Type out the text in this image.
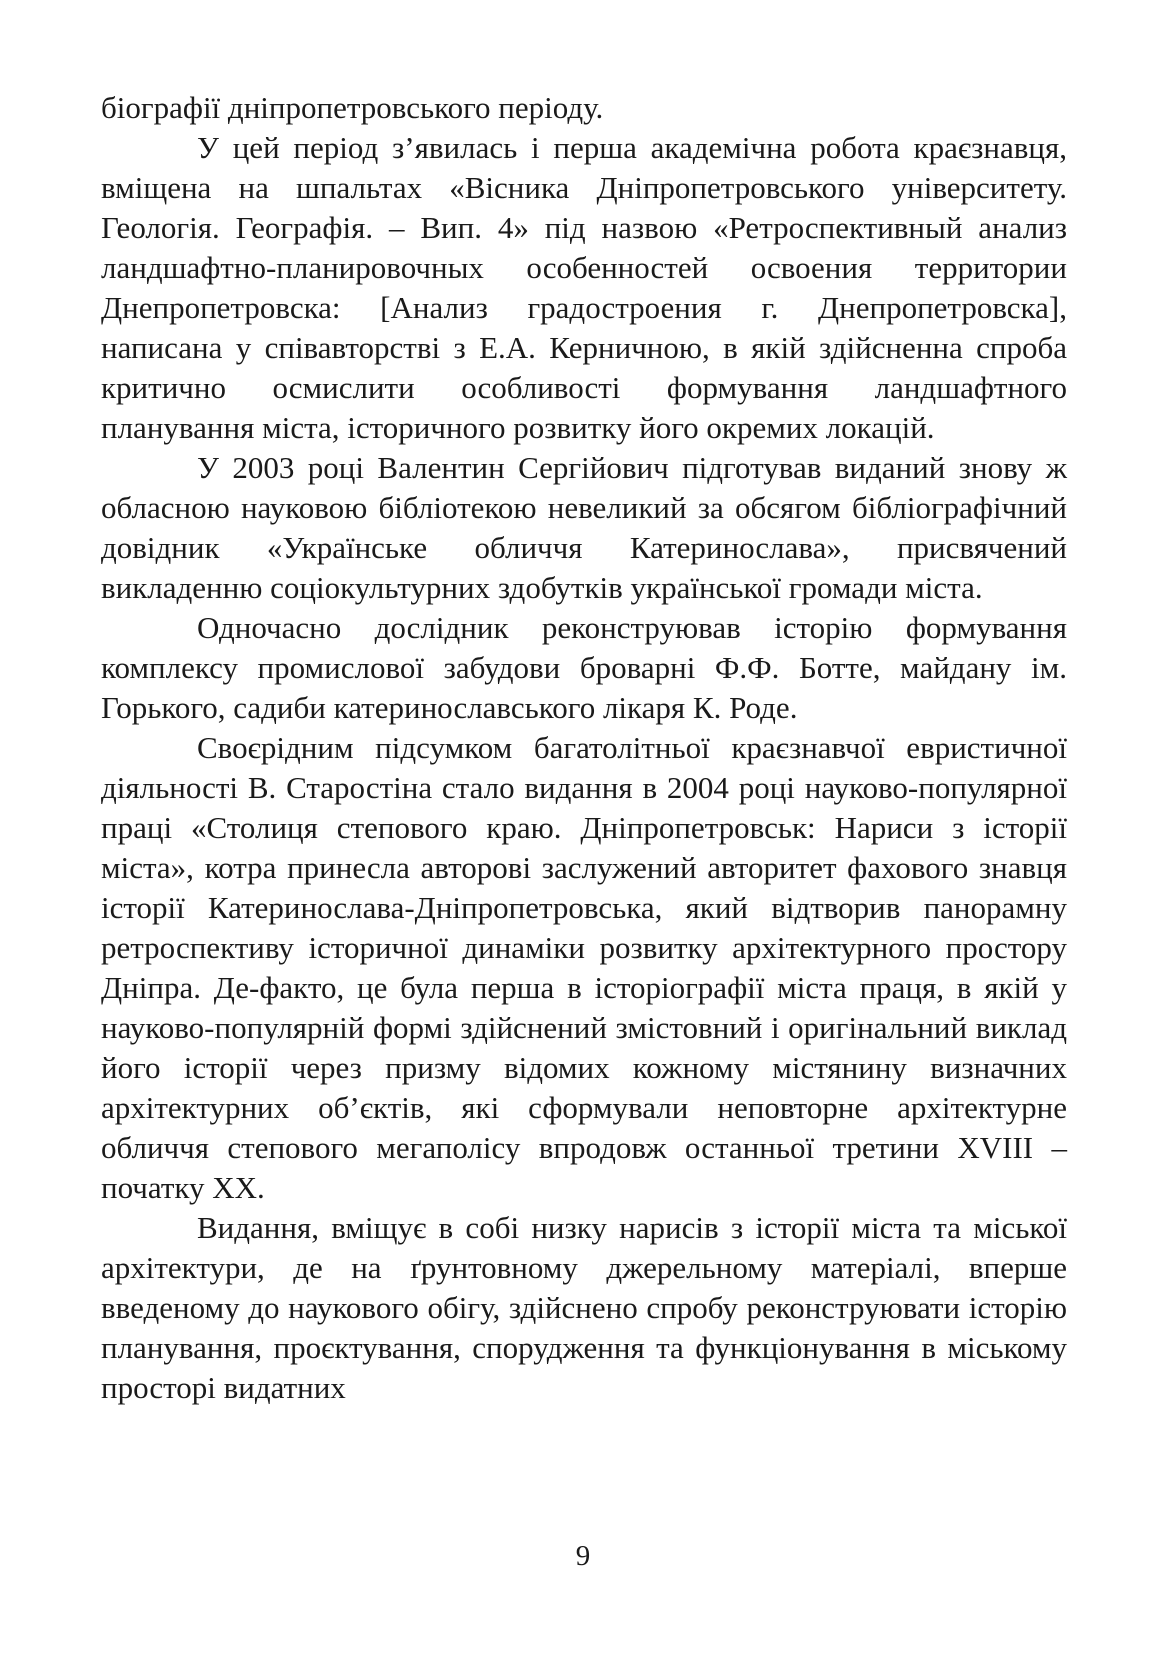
біографії дніпропетровського періоду.

У цей період з’явилась і перша академічна робота краєзнавця, вміщена на шпальтах «Вісника Дніпропетровського університету. Геологія. Географія. – Вип. 4» під назвою «Ретроспективный анализ ландшафтно-планировочных особенностей освоения территории Днепропетровска: [Анализ градостроения г. Днепропетровска], написана у співавторстві з Е.А. Керничною, в якій здійсненна спроба критично осмислити особливості формування ландшафтного планування міста, історичного розвитку його окремих локацій.

У 2003 році Валентин Сергійович підготував виданий знову ж обласною науковою бібліотекою невеликий за обсягом бібліографічний довідник «Українське обличчя Катеринослава», присвячений викладенню соціокультурних здобутків української громади міста.

Одночасно дослідник реконструював історію формування комплексу промислової забудови броварні Ф.Ф. Ботте, майдану ім. Горького, садиби катеринославського лікаря К. Роде.

Своєрідним підсумком багатолітньої краєзнавчої евристичної діяльності В. Старостіна стало видання в 2004 році науково-популярної праці «Столиця степового краю. Дніпропетровськ: Нариси з історії міста», котра принесла авторові заслужений авторитет фахового знавця історії Катеринослава-Дніпропетровська, який відтворив панорамну ретроспективу історичної динаміки розвитку архітектурного простору Дніпра. Де-факто, це була перша в історіографії міста праця, в якій у науково-популярній формі здійснений змістовний і оригінальний виклад його історії через призму відомих кожному містянину визначних архітектурних об’єктів, які сформували неповторне архітектурне обличчя степового мегаполісу впродовж останньої третини XVIII – початку XX.

Видання, вміщує в собі низку нарисів з історії міста та міської архітектури, де на ґрунтовному джерельному матеріалі, вперше введеному до наукового обігу, здійснено спробу реконструювати історію планування, проєктування, спорудження та функціонування в міському просторі видатних

9
